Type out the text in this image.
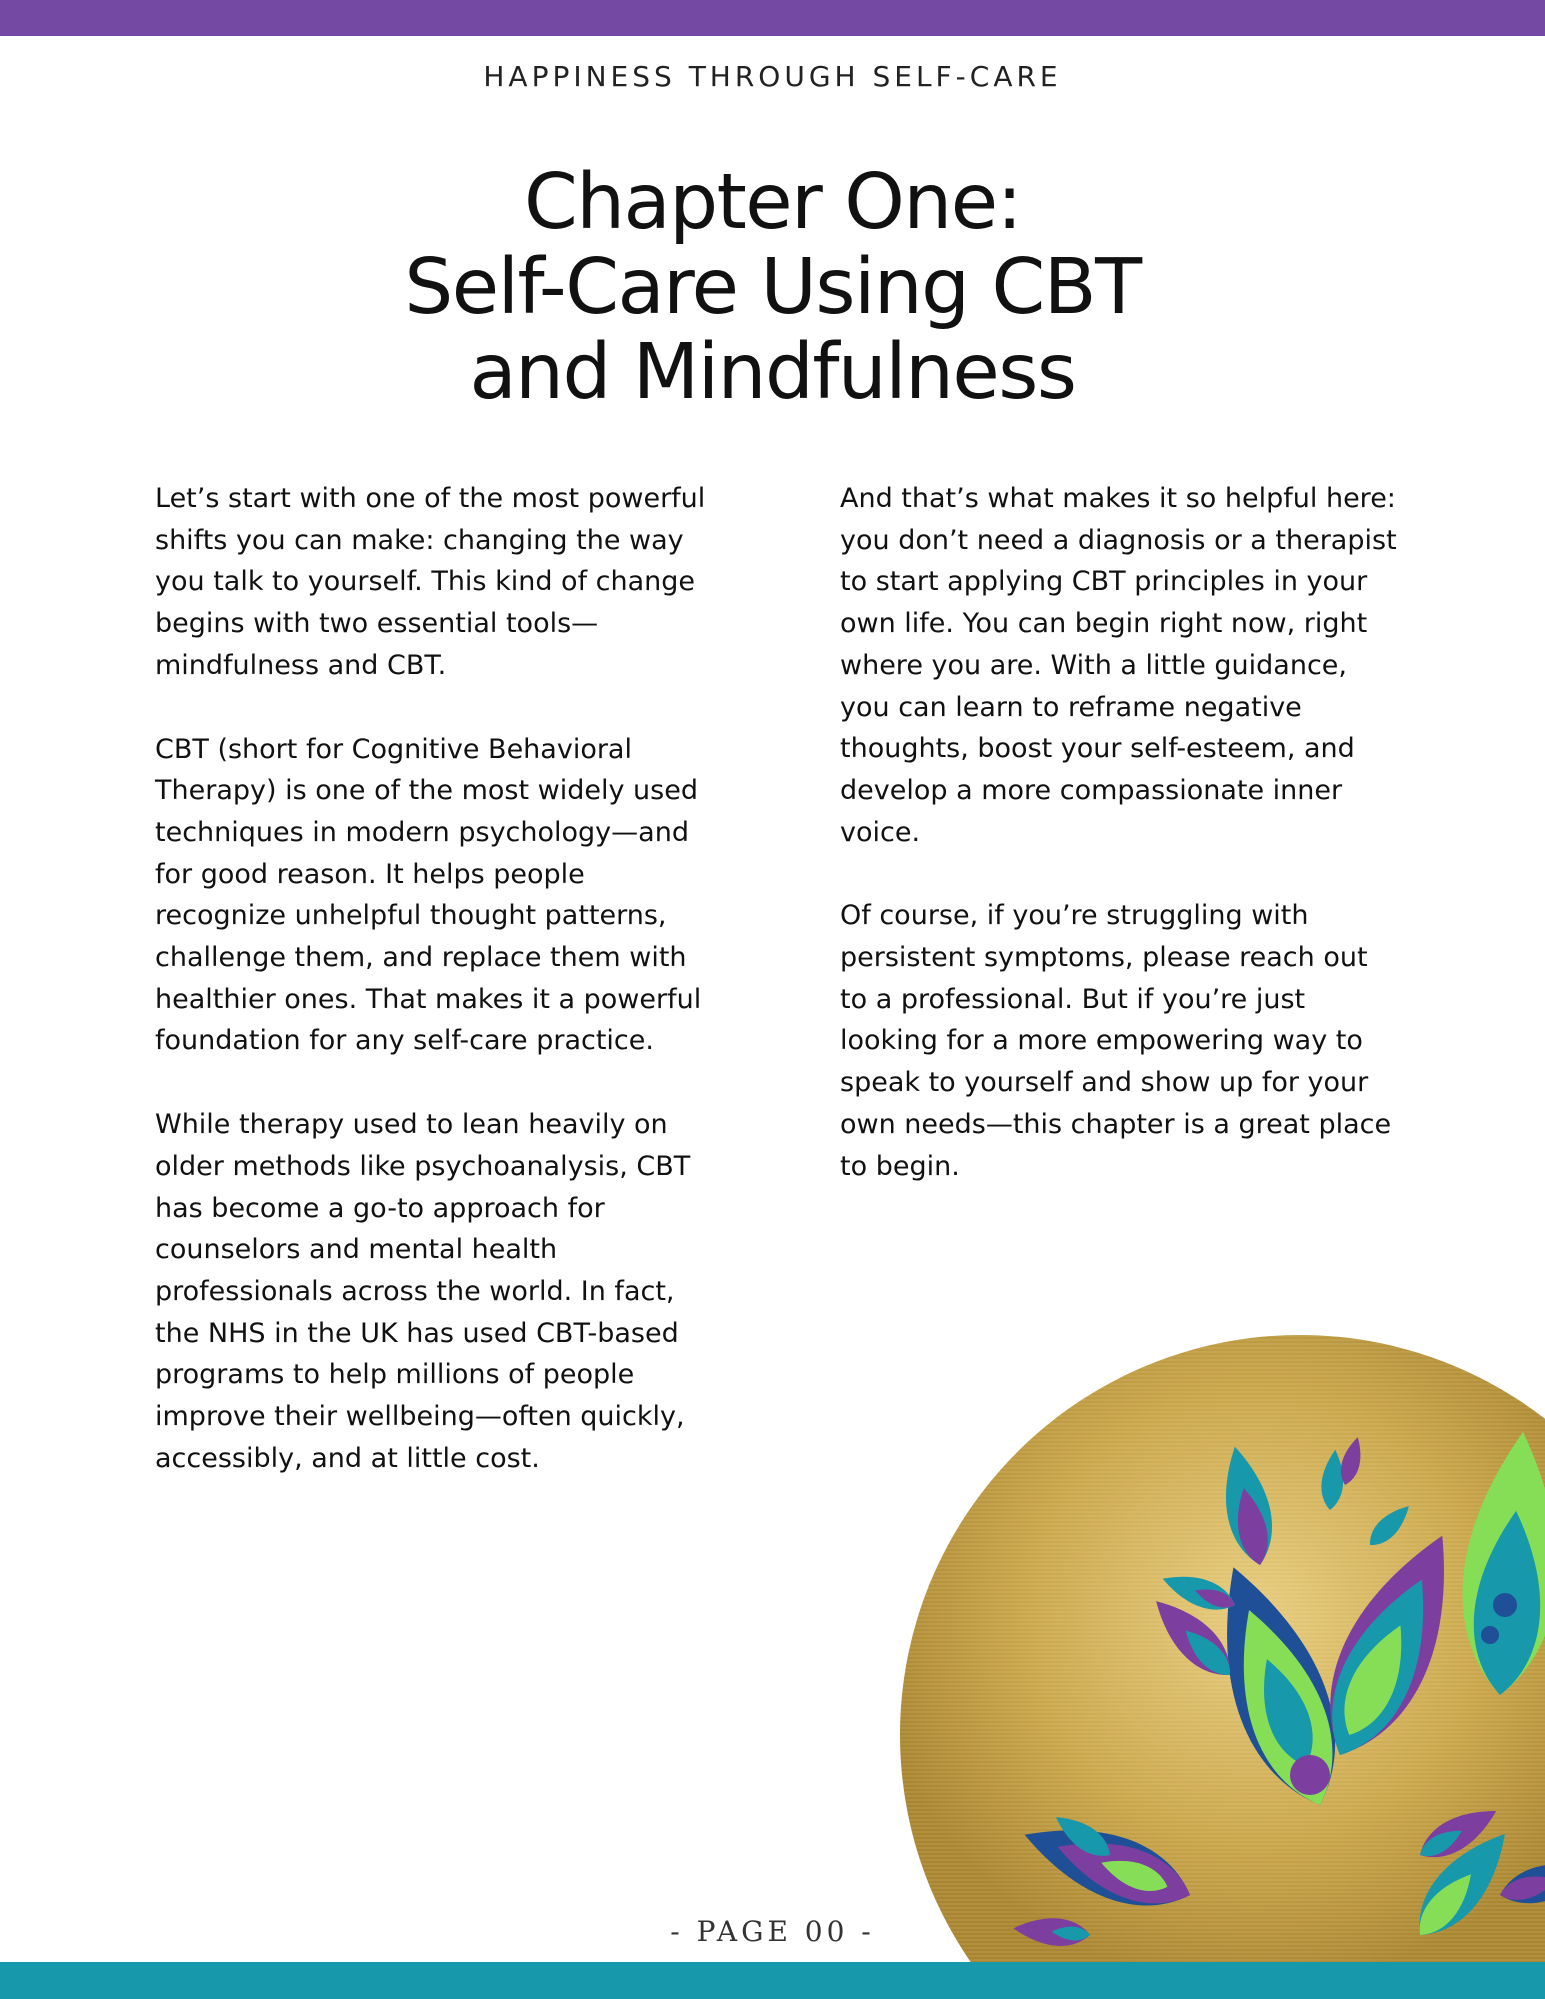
HAPPINESS THROUGH SELF-CARE
Chapter One:
Self-Care Using CBT
and Mindfulness

Let’s start with one of the most powerful shifts you can make: changing the way you talk to yourself. This kind of change begins with two essential tools—mindfulness and CBT.

CBT (short for Cognitive Behavioral Therapy) is one of the most widely used techniques in modern psychology—and for good reason. It helps people recognize unhelpful thought patterns, challenge them, and replace them with healthier ones. That makes it a powerful foundation for any self-care practice.

While therapy used to lean heavily on older methods like psychoanalysis, CBT has become a go-to approach for counselors and mental health professionals across the world. In fact, the NHS in the UK has used CBT-based programs to help millions of people improve their wellbeing—often quickly, accessibly, and at little cost.

And that’s what makes it so helpful here: you don’t need a diagnosis or a therapist to start applying CBT principles in your own life. You can begin right now, right where you are. With a little guidance, you can learn to reframe negative thoughts, boost your self-esteem, and develop a more compassionate inner voice.

Of course, if you’re struggling with persistent symptoms, please reach out to a professional. But if you’re just looking for a more empowering way to speak to yourself and show up for your own needs—this chapter is a great place to begin.

- PAGE 00 -
